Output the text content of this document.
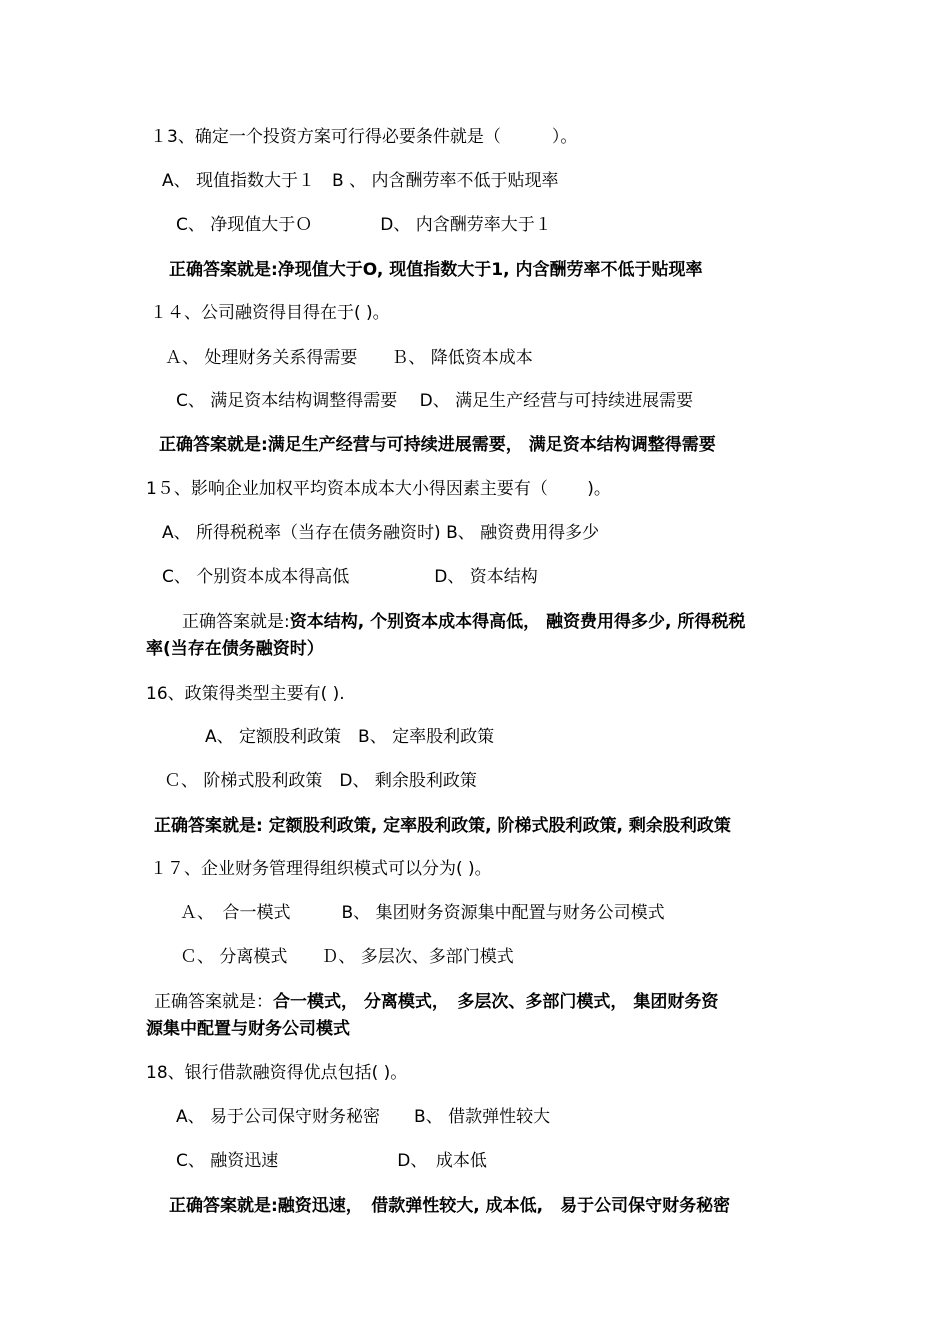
１3、确定一个投资方案可行得必要条件就是（　　　）。
A、 现值指数大于１　B 、 内含酬劳率不低于贴现率
C、 净现值大于Ｏ　　　　D、 内含酬劳率大于１
正确答案就是:净现值大于O, 现值指数大于1, 内含酬劳率不低于贴现率
１４、公司融资得目得在于( )。
Ａ、 处理财务关系得需要　　Ｂ、 降低资本成本
C、 满足资本结构调整得需要　 D、 满足生产经营与可持续进展需要
正确答案就是:满足生产经营与可持续进展需要， 满足资本结构调整得需要
1５、影响企业加权平均资本成本大小得因素主要有（　　 )。
A、 所得税税率（当存在债务融资时) B、 融资费用得多少
C、 个别资本成本得高低　　　　　D、 资本结构
正确答案就是:资本结构, 个别资本成本得高低， 融资费用得多少, 所得税税
率(当存在债务融资时）
16、政策得类型主要有( ).
A、 定额股利政策　B、 定率股利政策
Ｃ、 阶梯式股利政策　D、 剩余股利政策
正确答案就是: 定额股利政策, 定率股利政策, 阶梯式股利政策, 剩余股利政策
１７、企业财务管理得组织模式可以分为( )。
Ａ、　合一模式　　　B、 集团财务资源集中配置与财务公司模式
Ｃ、 分离模式　　Ｄ、 多层次、多部门模式
正确答案就是：合一模式， 分离模式，　多层次、多部门模式， 集团财务资
源集中配置与财务公司模式
18、银行借款融资得优点包括( )。
A、 易于公司保守财务秘密　　B、 借款弹性较大
C、 融资迅速　　　　　　　D、　成本低
正确答案就是:融资迅速，　借款弹性较大, 成本低,　易于公司保守财务秘密
